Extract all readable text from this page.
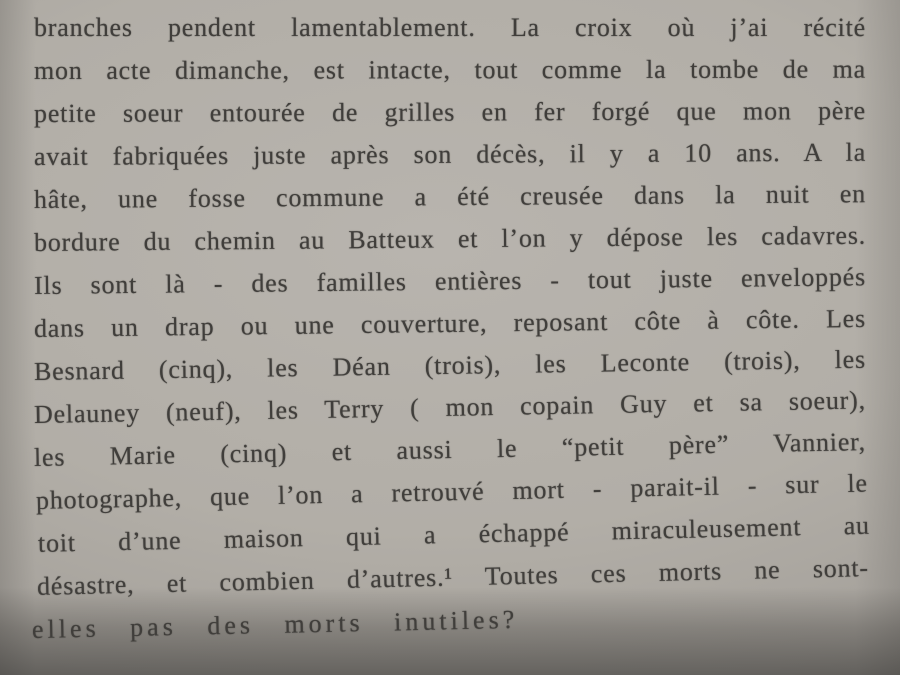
branches pendent lamentablement. La croix où j’ai récité
mon acte dimanche, est intacte, tout comme la tombe de ma
petite soeur entourée de grilles en fer forgé que mon père
avait fabriquées juste après son décès, il y a 10 ans. A la
hâte, une fosse commune a été creusée dans la nuit en
bordure du chemin au Batteux et l’on y dépose les cadavres.
Ils sont là - des familles entières - tout juste enveloppés
dans un drap ou une couverture, reposant côte à côte. Les
Besnard (cinq), les Déan (trois), les Leconte (trois), les
Delauney (neuf), les Terry ( mon copain Guy et sa soeur),
les Marie (cinq) et aussi le “petit père” Vannier,
photographe, que l’on a retrouvé mort - parait-il - sur le
toit d’une maison qui a échappé miraculeusement au
désastre, et combien d’autres.¹ Toutes ces morts ne sont-
elles pas des morts inutiles?
